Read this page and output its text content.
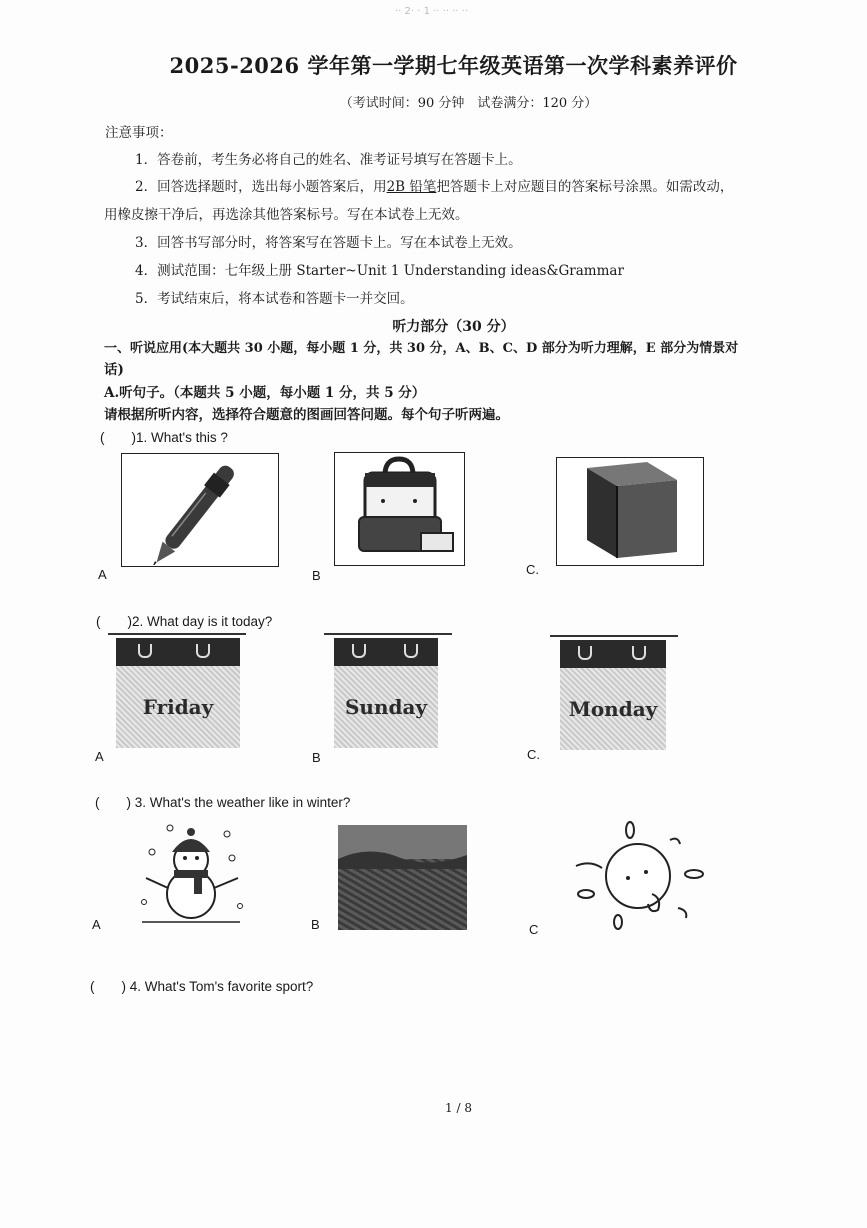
·· 2· · 1 ·· ·· ·· ··
2025-2026 学年第一学期七年级英语第一次学科素养评价
（考试时间：90 分钟　试卷满分：120 分）
注意事项：
1．答卷前，考生务必将自己的姓名、准考证号填写在答题卡上。
2．回答选择题时，选出每小题答案后，用2B 铅笔把答题卡上对应题目的答案标号涂黑。如需改动，
用橡皮擦干净后，再选涂其他答案标号。写在本试卷上无效。
3．回答书写部分时，将答案写在答题卡上。写在本试卷上无效。
4．测试范围：七年级上册 Starter~Unit 1 Understanding ideas&Grammar
5．考试结束后，将本试卷和答题卡一并交回。
听力部分（30 分）
一、听说应用(本大题共 30 小题，每小题 1 分，共 30 分，A、B、C、D 部分为听力理解，E 部分为情景对
话)
A.听句子。（本题共 5 小题，每小题 1 分，共 5 分）
请根据所听内容，选择符合题意的图画回答问题。每个句子听两遍。
(　　)1. What's this ?
A	B	C.
(　　)2. What day is it today?
Friday
A
Sunday
B
Monday
C.
(　　) 3. What's the weather like in winter?
A	B	C
(　　) 4. What's Tom's favorite sport?
1 / 8
